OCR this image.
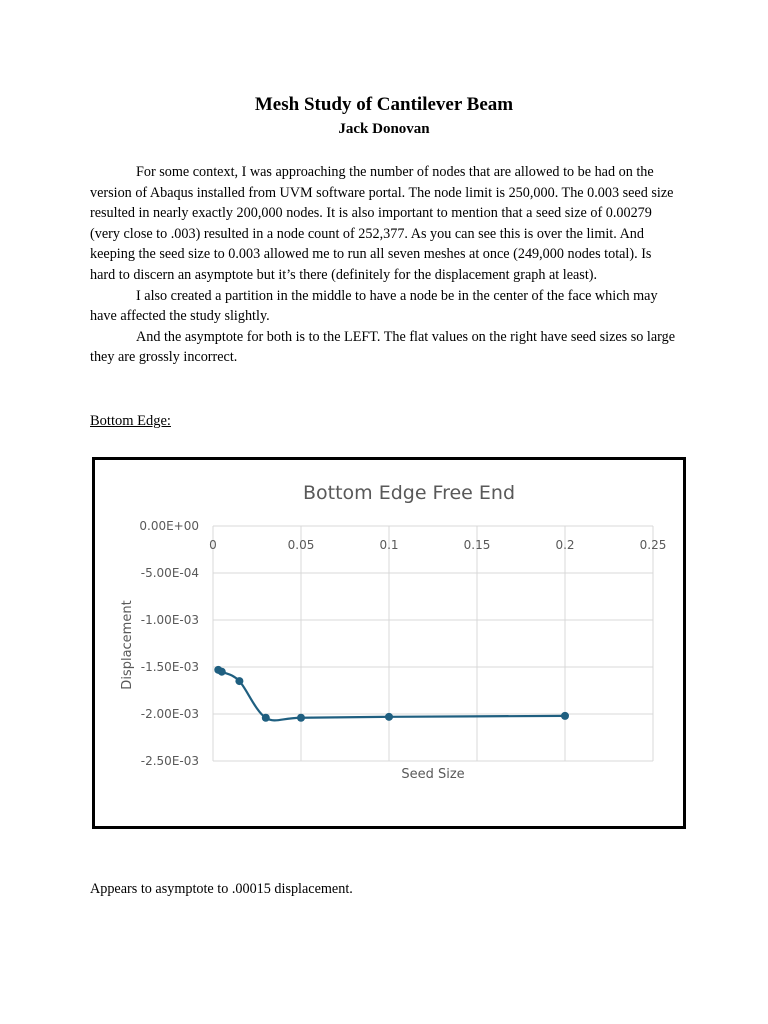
Mesh Study of Cantilever Beam
Jack Donovan

For some context, I was approaching the number of nodes that are allowed to be had on the version of Abaqus installed from UVM software portal. The node limit is 250,000. The 0.003 seed size resulted in nearly exactly 200,000 nodes. It is also important to mention that a seed size of 0.00279 (very close to .003) resulted in a node count of 252,377. As you can see this is over the limit. And keeping the seed size to 0.003 allowed me to run all seven meshes at once (249,000 nodes total). Is hard to discern an asymptote but it’s there (definitely for the displacement graph at least).

I also created a partition in the middle to have a node be in the center of the face which may have affected the study slightly.

And the asymptote for both is to the LEFT. The flat values on the right have seed sizes so large they are grossly incorrect.

Bottom Edge:
Bottom Edge Free End
0.00E+00
-5.00E-04
-1.00E-03
-1.50E-03
-2.00E-03
-2.50E-03
0	0.05	0.1	0.15	0.2	0.25
Seed Size
Displacement
Appears to asymptote to .00015 displacement.
